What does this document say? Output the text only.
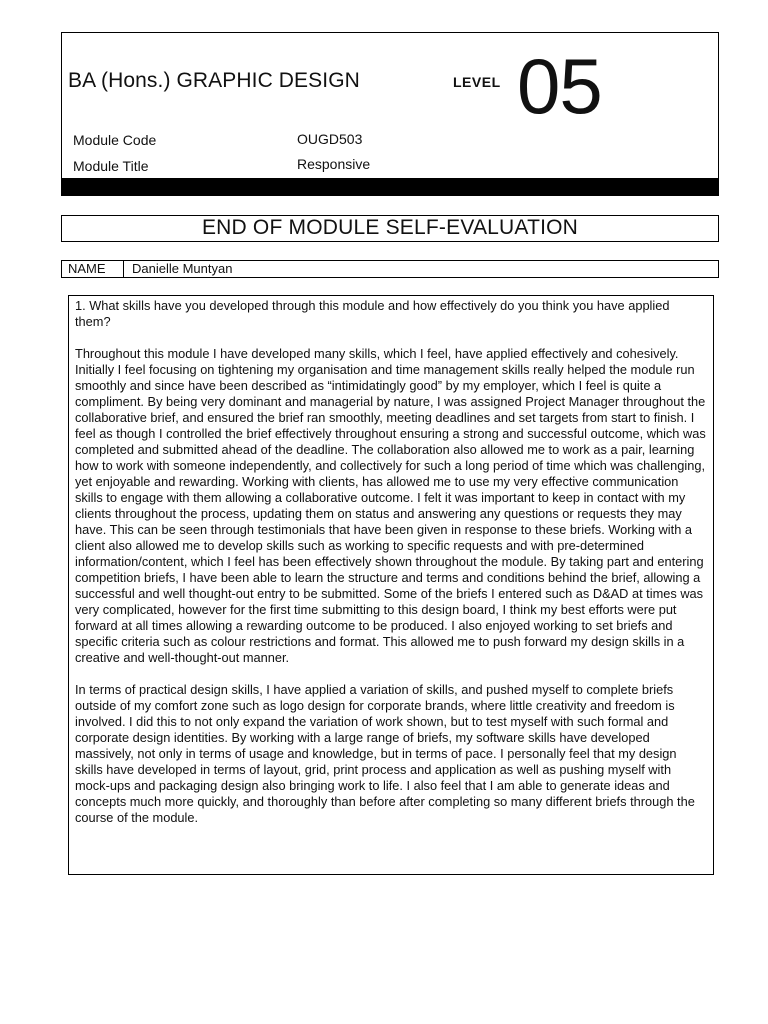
BA (Hons.) GRAPHIC DESIGN	LEVEL 05
Module Code	OUGD503
Module Title	Responsive
END OF MODULE SELF-EVALUATION
NAME	Danielle Muntyan

1. What skills have you developed through this module and how effectively do you think you have applied them?

Throughout this module I have developed many skills, which I feel, have applied effectively and cohesively. Initially I feel focusing on tightening my organisation and time management skills really helped the module run smoothly and since have been described as “intimidatingly good” by my employer, which I feel is quite a compliment. By being very dominant and managerial by nature, I was assigned Project Manager throughout the collaborative brief, and ensured the brief ran smoothly, meeting deadlines and set targets from start to finish. I feel as though I controlled the brief effectively throughout ensuring a strong and successful outcome, which was completed and submitted ahead of the deadline. The collaboration also allowed me to work as a pair, learning how to work with someone independently, and collectively for such a long period of time which was challenging, yet enjoyable and rewarding. Working with clients, has allowed me to use my very effective communication skills to engage with them allowing a collaborative outcome. I felt it was important to keep in contact with my clients throughout the process, updating them on status and answering any questions or requests they may have. This can be seen through testimonials that have been given in response to these briefs. Working with a client also allowed me to develop skills such as working to specific requests and with pre-determined information/content, which I feel has been effectively shown throughout the module. By taking part and entering competition briefs, I have been able to learn the structure and terms and conditions behind the brief, allowing a successful and well thought-out entry to be submitted. Some of the briefs I entered such as D&AD at times was very complicated, however for the first time submitting to this design board, I think my best efforts were put forward at all times allowing a rewarding outcome to be produced. I also enjoyed working to set briefs and specific criteria such as colour restrictions and format. This allowed me to push forward my design skills in a creative and well-thought-out manner.

In terms of practical design skills, I have applied a variation of skills, and pushed myself to complete briefs outside of my comfort zone such as logo design for corporate brands, where little creativity and freedom is involved. I did this to not only expand the variation of work shown, but to test myself with such formal and corporate design identities. By working with a large range of briefs, my software skills have developed massively, not only in terms of usage and knowledge, but in terms of pace. I personally feel that my design skills have developed in terms of layout, grid, print process and application as well as pushing myself with mock-ups and packaging design also bringing work to life. I also feel that I am able to generate ideas and concepts much more quickly, and thoroughly than before after completing so many different briefs through the course of the module.
